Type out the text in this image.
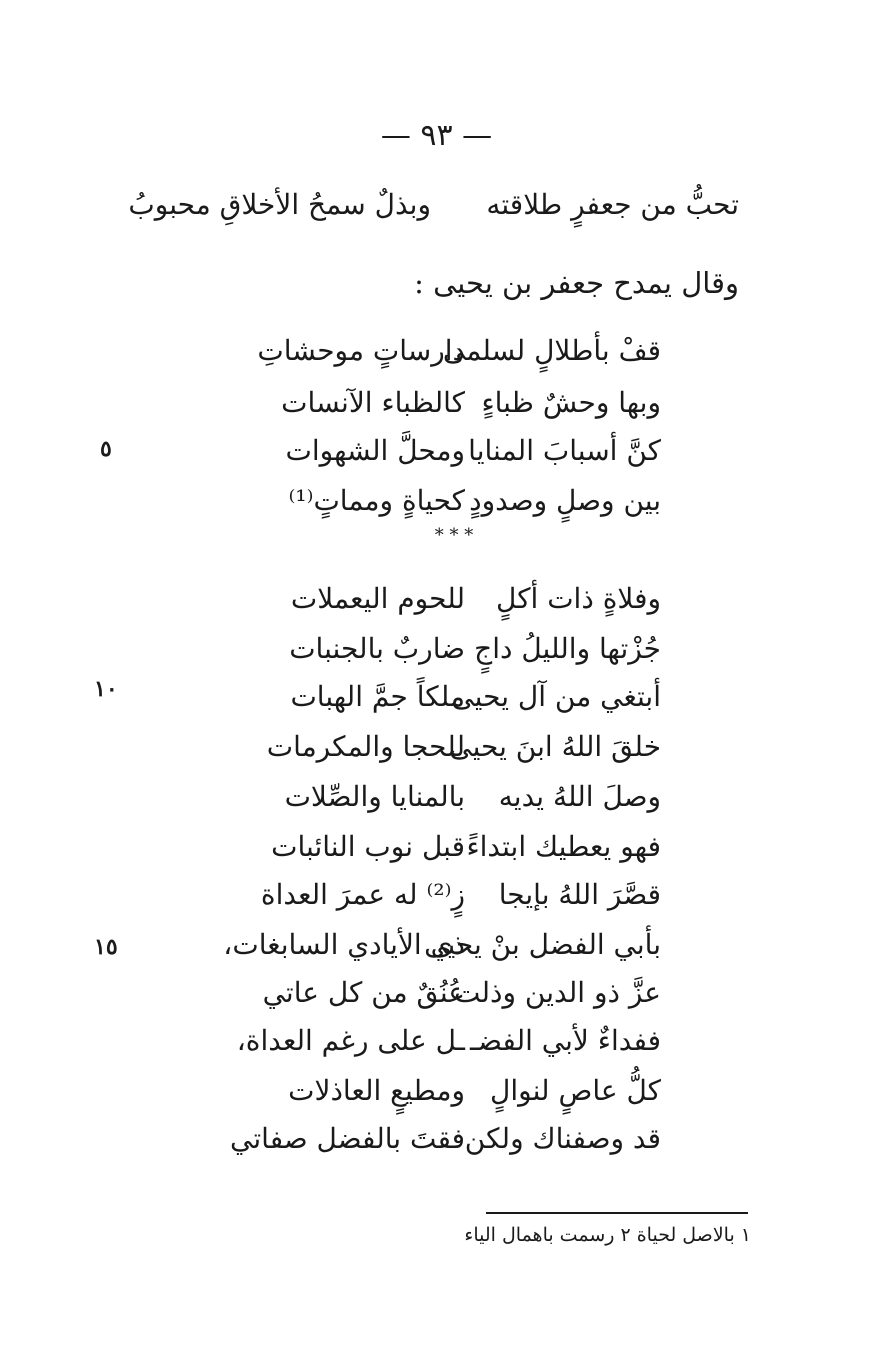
— ٩٣ —
تحبُّ من جعفرٍ طلاقته
وبذلٌ سمحُ الأخلاقِ محبوبُ
وقال يمدح جعفر بن يحيى :
قفْ بأطلالٍ لسلمى
دارساتٍ موحشاتِ
وبها وحشٌ ظباءٍ
كالظباء الآنسات
كنَّ أسبابَ المنايا
ومحلَّ الشهوات
٥
بين وصلٍ وصدودٍ
كحياةٍ ومماتٍ⁽¹⁾
* * *
وفلاةٍ ذات أكلٍ
للحوم اليعملات
جُزْتها والليلُ داجٍ
ضاربٌ بالجنبات
أبتغي من آل يحيى
ملكاً جمَّ الهبات
١٠
خلقَ اللهُ ابنَ يحيى
للحجا والمكرمات
وصلَ اللهُ يديه
بالمنايا والصِّلات
فهو يعطيك ابتداءً
قبل نوب النائبات
قصَّرَ اللهُ بإيجا
زٍ⁽²⁾ له عمرَ العداة
بأبي الفضل بنْ يحيى
ذي الأيادي السابغات،
١٥
عزَّ ذو الدين وذلت
عُنُقٌ من كل عاتي
ففداءٌ لأبي الفضـ
ـل على رغم العداة،
كلُّ عاصٍ لنوالٍ
ومطيعٍ العاذلات
قد وصفناك ولكن
فقتَ بالفضل صفاتي
١ بالاصل لحياة ٢ رسمت باهمال الياء
